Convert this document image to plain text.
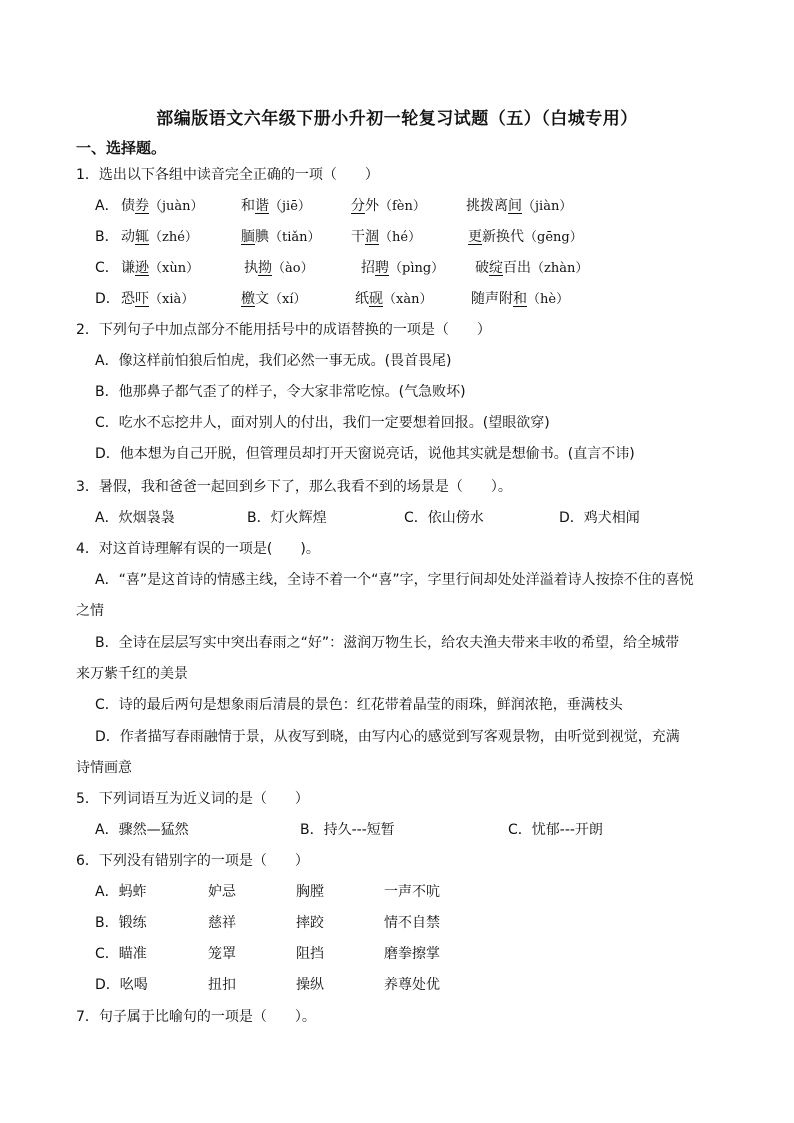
部编版语文六年级下册小升初一轮复习试题（五）（白城专用）
一、选择题。
1．选出以下各组中读音完全正确的一项（　　）
A． 债券（juàn）	和谐（jiē）	分外（fèn）	挑拨离间（jiàn）
B． 动辄（zhé）	腼腆（tiǎn） 干涸（hé）	更新换代（gēng）
C． 谦逊（xùn）	执拗（ào）	招聘（pìng） 破绽百出（zhàn）
D． 恐吓（xià）	檄文（xí）	纸砚（xàn）	随声附和（hè）
2．下列句子中加点部分不能用括号中的成语替换的一项是（　　）
A．像这样前怕狼后怕虎，我们必然一事无成。(畏首畏尾)
B．他那鼻子都气歪了的样子，令大家非常吃惊。(气急败坏)
C．吃水不忘挖井人，面对别人的付出，我们一定要想着回报。(望眼欲穿)
D．他本想为自己开脱，但管理员却打开天窗说亮话，说他其实就是想偷书。(直言不讳)
3．暑假，我和爸爸一起回到乡下了，那么我看不到的场景是（　　）。
A．炊烟袅袅	B．灯火辉煌	C．依山傍水	D．鸡犬相闻
4．对这首诗理解有误的一项是(　　)。
A．“喜”是这首诗的情感主线，全诗不着一个“喜”字，字里行间却处处洋溢着诗人按捺不住的喜悦
之情
B．全诗在层层写实中突出春雨之“好”：滋润万物生长，给农夫渔夫带来丰收的希望，给全城带
来万紫千红的美景
C．诗的最后两句是想象雨后清晨的景色：红花带着晶莹的雨珠，鲜润浓艳，垂满枝头
D．作者描写春雨融情于景，从夜写到晓，由写内心的感觉到写客观景物，由听觉到视觉，充满
诗情画意
5．下列词语互为近义词的是（　　）
A．骤然—猛然	B．持久---短暂	C．忧郁---开朗
6．下列没有错别字的一项是（　　）
A．蚂蚱	妒忌	胸膛	一声不吭
B．锻练	慈祥	摔跤	情不自禁
C．瞄准	笼罩	阻挡	磨拳擦掌
D．吆喝	扭扣	操纵	养尊处优
7．句子属于比喻句的一项是（　　）。
